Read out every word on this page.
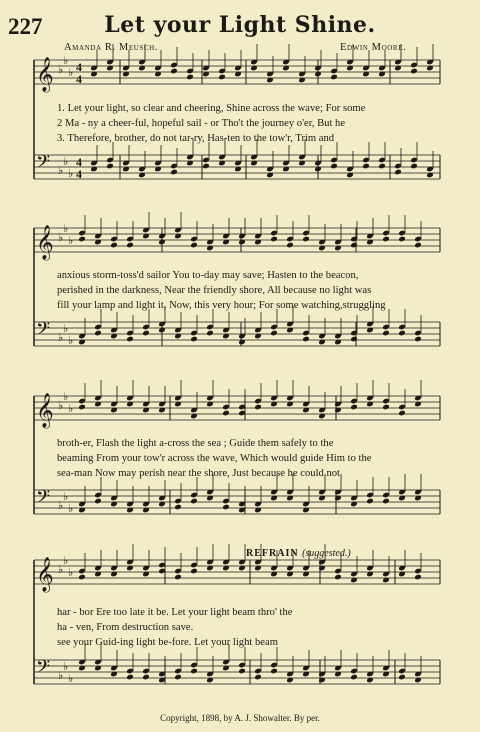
227	Let your Light Shine.
Amanda R. Meusch.	Edwin Moore.
𝄞
𝄢
♭
♭
♭
♭
♭
♭
4
4
4
4
𝄞
𝄢
♭
♭
♭
♭
♭
♭
𝄞
𝄢
♭
♭
♭
♭
♭
♭
𝄞
𝄢
♭
♭
♭
♭
♭
♭
1. Let your light, so clear and cheering, Shine across the wave; For some
2 Ma - ny a cheer-ful, hopeful sail - or Tho't the journey o'er, But he
3. Therefore, brother, do not tar-ry, Has-ten to the tow'r, Trim and
anxious storm-toss'd sailor You to-day may save; Hasten to the beacon,
perished in the darkness, Near the friendly shore, All because no light was
fill your lamp and light it, Now, this very hour; For some watching,struggling
broth-er, Flash the light a-cross the sea ; Guide them safely to the
beaming From your tow'r across the wave, Which would guide Him to the
sea-man Now may perish near the shore, Just because he could not
REFRAIN (suggested.)
har - bor Ere too late it be. Let your light beam thro' the
ha - ven, From destruction save.
see your Guid-ing light be-fore. Let your light beam
Copyright, 1898, by A. J. Showalter. By per.
